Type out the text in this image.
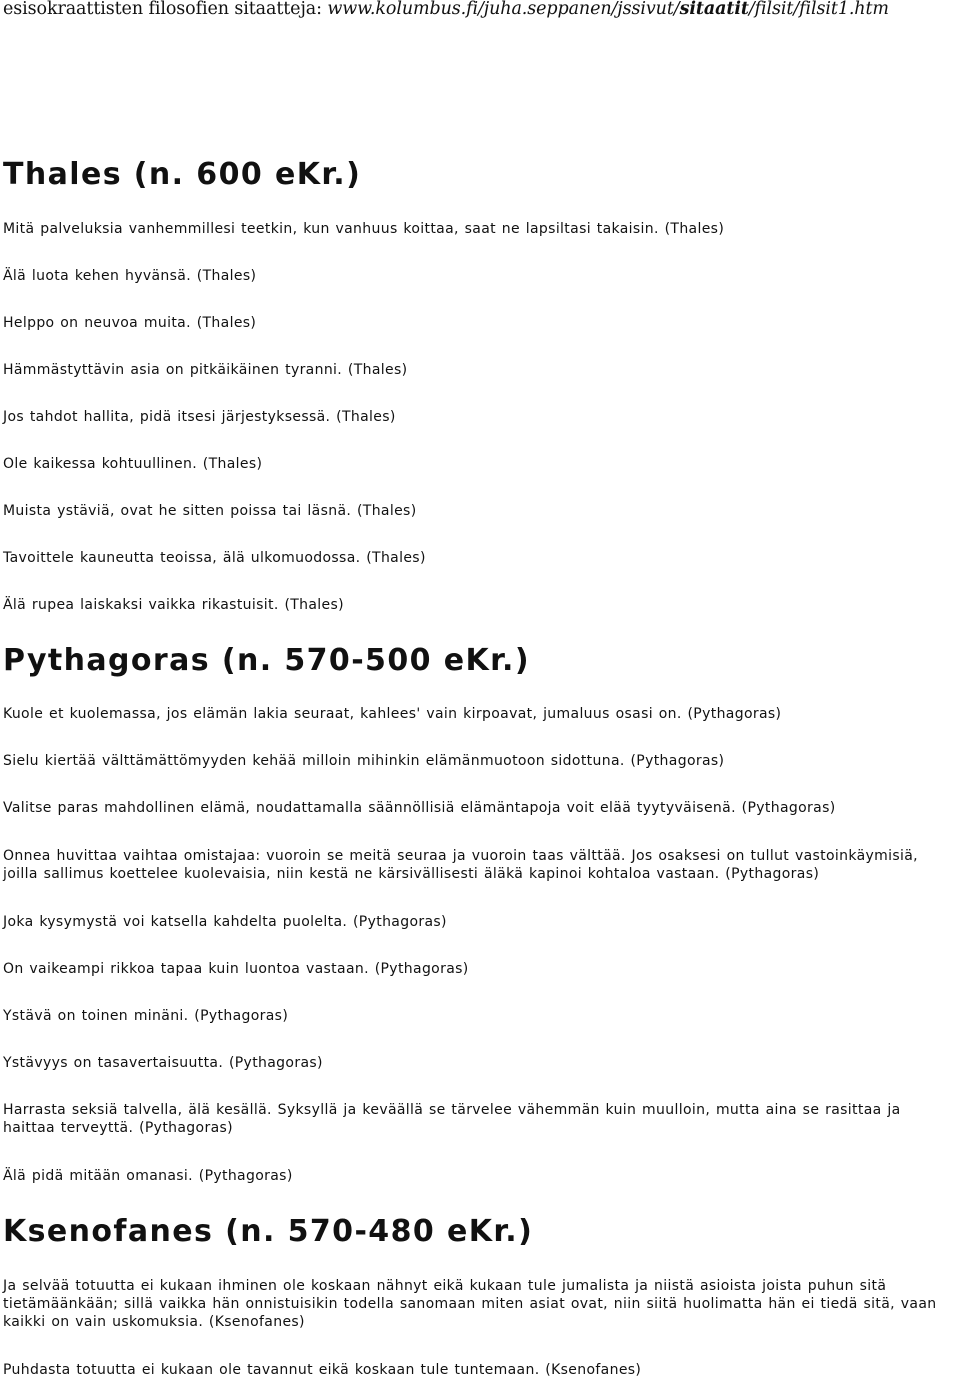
esisokraattisten filosofien sitaatteja: www.kolumbus.fi/juha.seppanen/jssivut/sitaatit/filsit/filsit1.htm
Thales (n. 600 eKr.)

Mitä palveluksia vanhemmillesi teetkin, kun vanhuus koittaa, saat ne lapsiltasi takaisin. (Thales)

Älä luota kehen hyvänsä. (Thales)

Helppo on neuvoa muita. (Thales)

Hämmästyttävin asia on pitkäikäinen tyranni. (Thales)

Jos tahdot hallita, pidä itsesi järjestyksessä. (Thales)

Ole kaikessa kohtuullinen. (Thales)

Muista ystäviä, ovat he sitten poissa tai läsnä. (Thales)

Tavoittele kauneutta teoissa, älä ulkomuodossa. (Thales)

Älä rupea laiskaksi vaikka rikastuisit. (Thales)

Pythagoras (n. 570-500 eKr.)

Kuole et kuolemassa, jos elämän lakia seuraat, kahlees' vain kirpoavat, jumaluus osasi on. (Pythagoras)

Sielu kiertää välttämättömyyden kehää milloin mihinkin elämänmuotoon sidottuna. (Pythagoras)

Valitse paras mahdollinen elämä, noudattamalla säännöllisiä elämäntapoja voit elää tyytyväisenä. (Pythagoras)

Onnea huvittaa vaihtaa omistajaa: vuoroin se meitä seuraa ja vuoroin taas välttää. Jos osaksesi on tullut vastoinkäymisiä, joilla sallimus koettelee kuolevaisia, niin kestä ne kärsivällisesti äläkä kapinoi kohtaloa vastaan. (Pythagoras)

Joka kysymystä voi katsella kahdelta puolelta. (Pythagoras)

On vaikeampi rikkoa tapaa kuin luontoa vastaan. (Pythagoras)

Ystävä on toinen minäni. (Pythagoras)

Ystävyys on tasavertaisuutta. (Pythagoras)

Harrasta seksiä talvella, älä kesällä. Syksyllä ja keväällä se tärvelee vähemmän kuin muulloin, mutta aina se rasittaa ja haittaa terveyttä. (Pythagoras)

Älä pidä mitään omanasi. (Pythagoras)

Ksenofanes (n. 570-480 eKr.)

Ja selvää totuutta ei kukaan ihminen ole koskaan nähnyt eikä kukaan tule jumalista ja niistä asioista joista puhun sitä tietämäänkään; sillä vaikka hän onnistuisikin todella sanomaan miten asiat ovat, niin siitä huolimatta hän ei tiedä sitä, vaan kaikki on vain uskomuksia. (Ksenofanes)

Puhdasta totuutta ei kukaan ole tavannut eikä koskaan tule tuntemaan. (Ksenofanes)
